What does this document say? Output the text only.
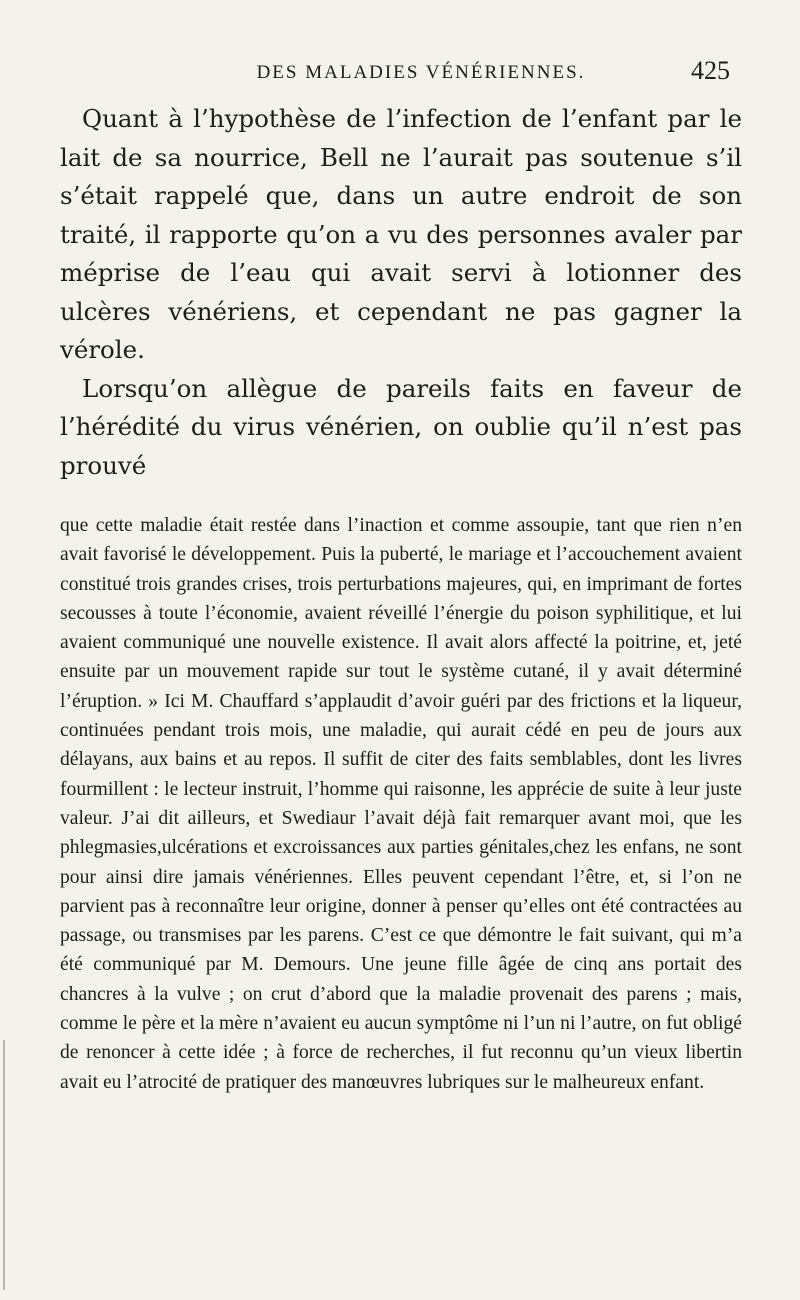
DES MALADIES VÉNÉRIENNES.	425

Quant à l’hypothèse de l’infection de l’enfant par le lait de sa nourrice, Bell ne l’aurait pas soutenue s’il s’était rappelé que, dans un autre endroit de son traité, il rapporte qu’on a vu des personnes avaler par méprise de l’eau qui avait servi à lotionner des ulcères vénériens, et cependant ne pas gagner la vérole.

Lorsqu’on allègue de pareils faits en faveur de l’hérédité du virus vénérien, on oublie qu’il n’est pas prouvé

que cette maladie était restée dans l’inaction et comme assoupie, tant que rien n’en avait favorisé le développement. Puis la puberté, le mariage et l’accouchement avaient constitué trois grandes crises, trois perturbations majeures, qui, en imprimant de fortes secousses à toute l’économie, avaient réveillé l’énergie du poison syphilitique, et lui avaient communiqué une nouvelle existence. Il avait alors affecté la poitrine, et, jeté ensuite par un mouvement rapide sur tout le système cutané, il y avait déterminé l’éruption. » Ici M. Chauffard s’applaudit d’avoir guéri par des frictions et la liqueur, continuées pendant trois mois, une maladie, qui aurait cédé en peu de jours aux délayans, aux bains et au repos. Il suffit de citer des faits semblables, dont les livres fourmillent : le lecteur instruit, l’homme qui raisonne, les apprécie de suite à leur juste valeur. J’ai dit ailleurs, et Swediaur l’avait déjà fait remarquer avant moi, que les phlegmasies,ulcérations et excroissances aux parties génitales,chez les enfans, ne sont pour ainsi dire jamais vénériennes. Elles peuvent cependant l’être, et, si l’on ne parvient pas à reconnaître leur origine, donner à penser qu’elles ont été contractées au passage, ou transmises par les parens. C’est ce que démontre le fait suivant, qui m’a été communiqué par M. Demours. Une jeune fille âgée de cinq ans portait des chancres à la vulve ; on crut d’abord que la maladie provenait des parens ; mais, comme le père et la mère n’avaient eu aucun symptôme ni l’un ni l’autre, on fut obligé de renoncer à cette idée ; à force de recherches, il fut reconnu qu’un vieux libertin avait eu l’atrocité de pratiquer des manœuvres lubriques sur le malheureux enfant.
